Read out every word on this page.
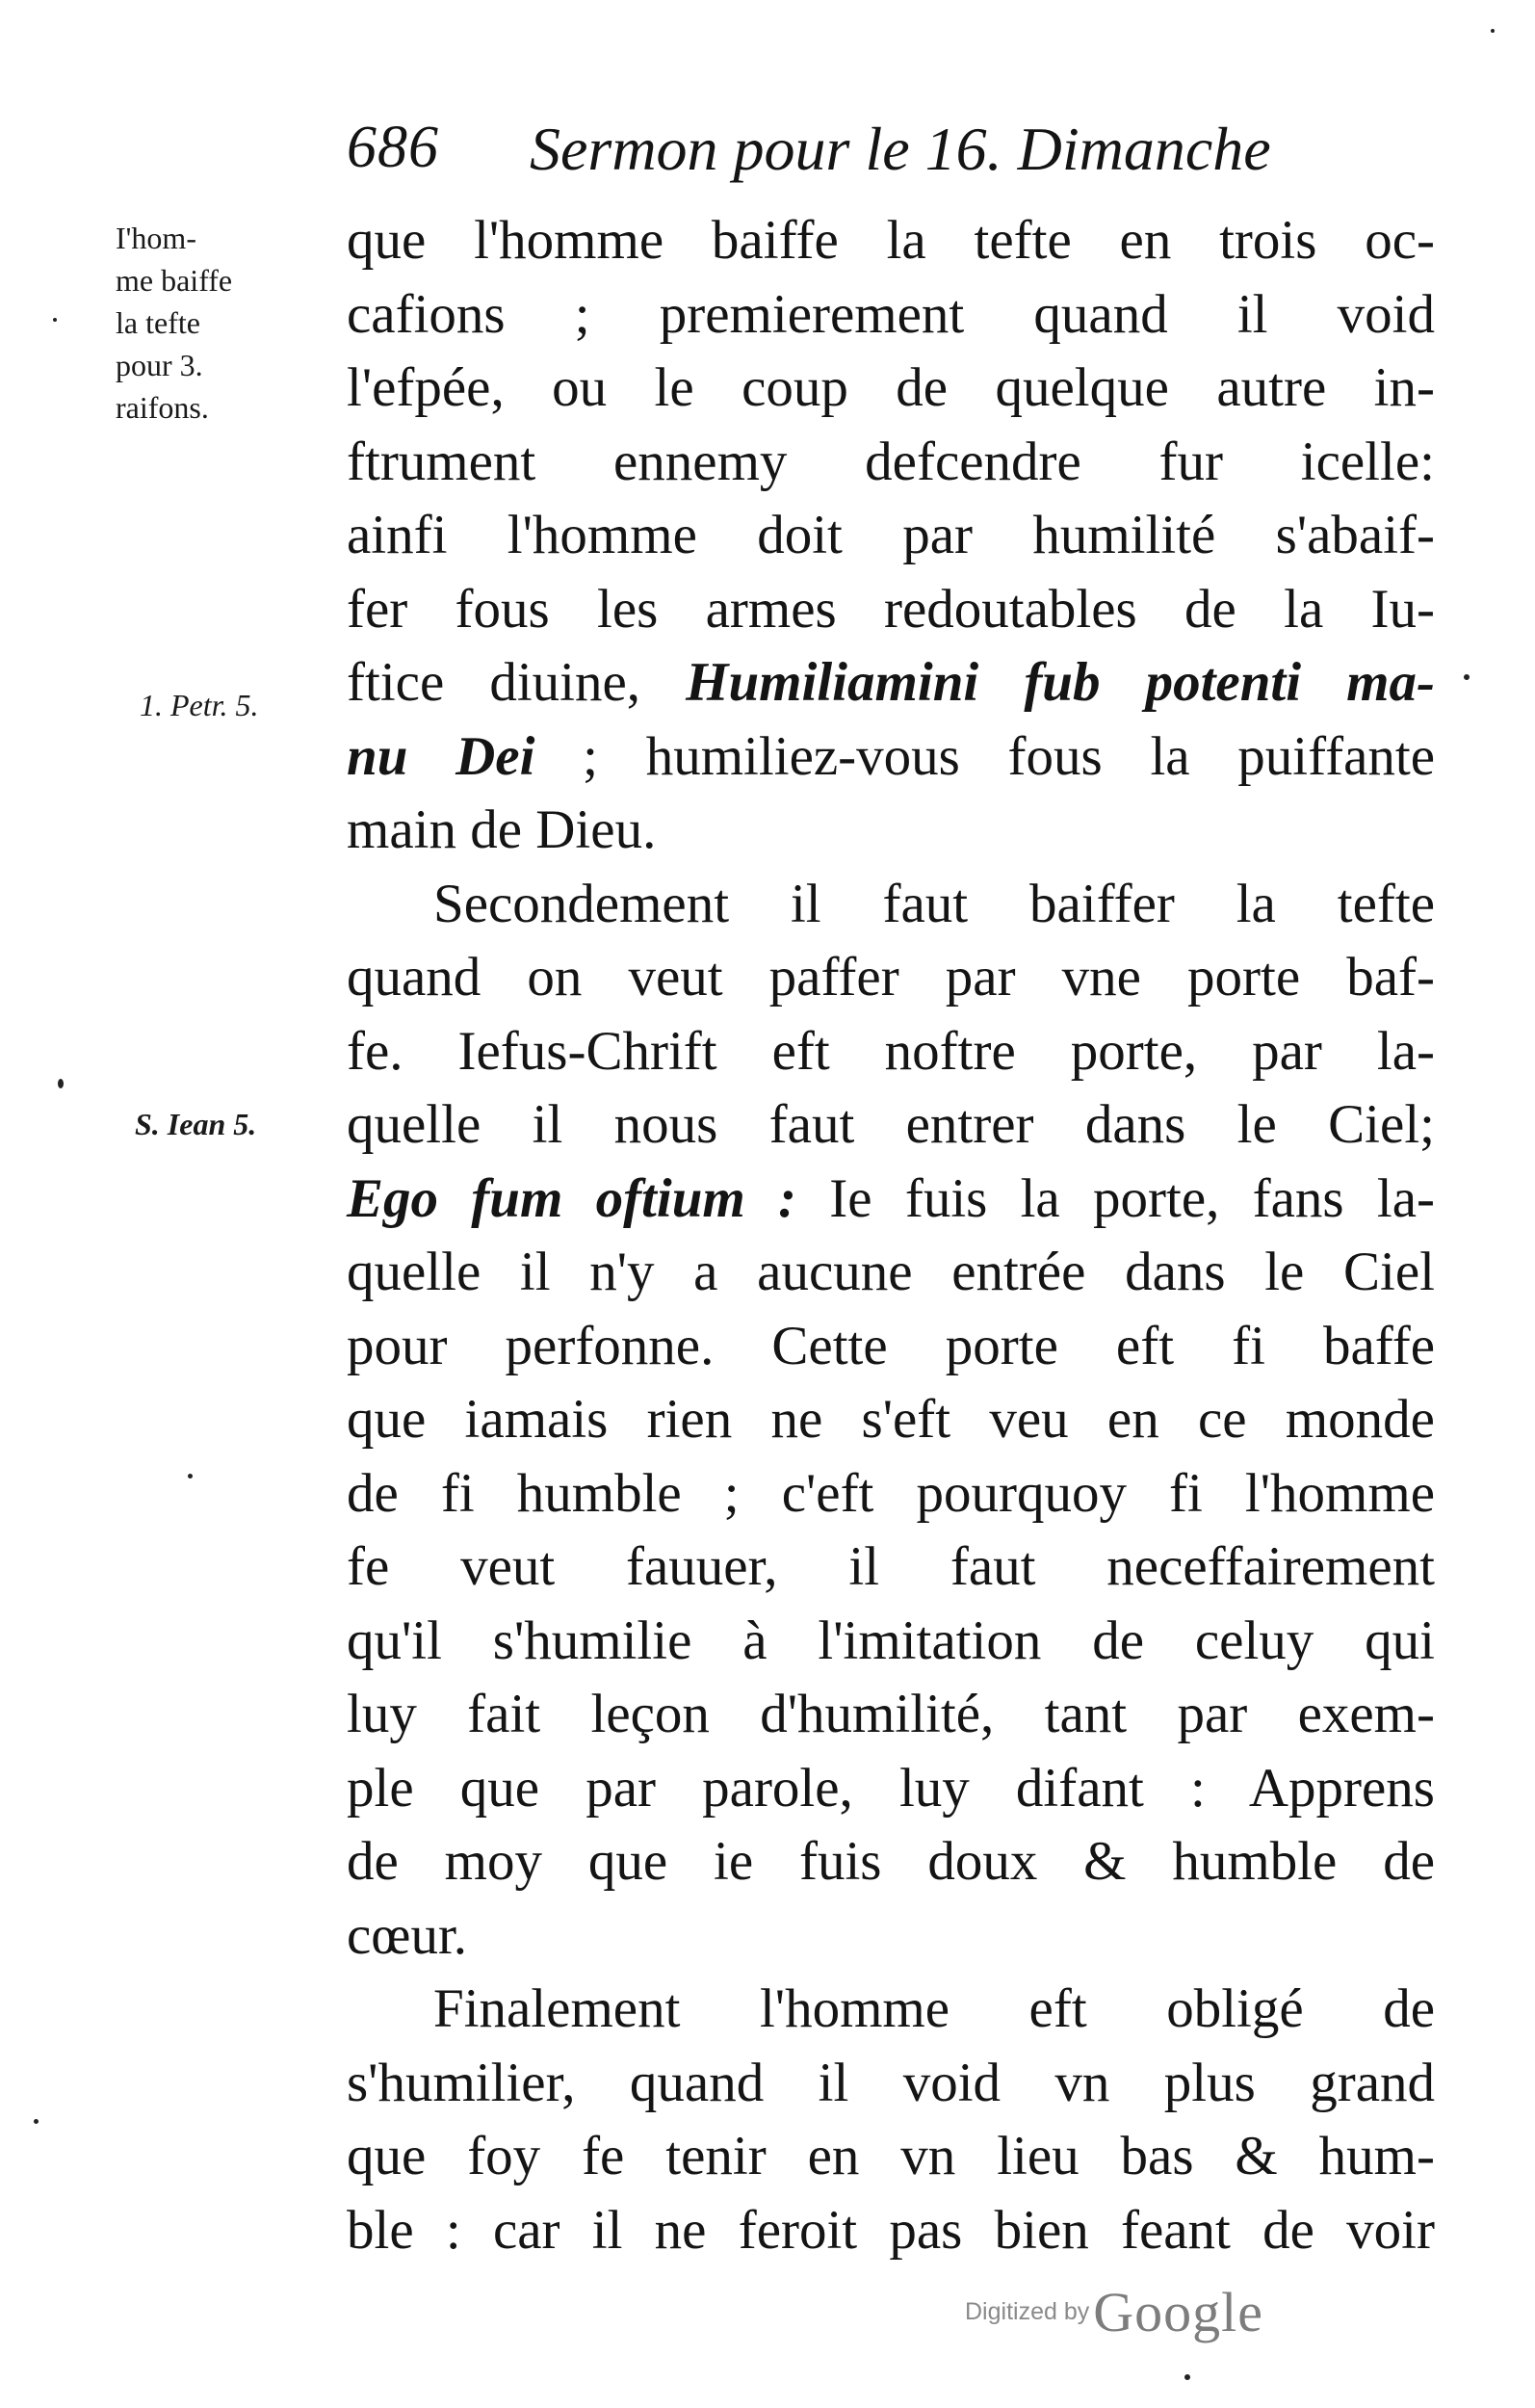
686 Sermon pour le 16. Dimanche
I'hom-
me baiffe
la tefte
pour 3.
raifons.
1. Petr. 5.
S. Iean 5.
que l'homme baiffe la tefte en trois oc-
cafions ; premierement quand il void
l'efpée, ou le coup de quelque autre in-
ftrument ennemy defcendre fur icelle:
ainfi l'homme doit par humilité s'abaif-
fer fous les armes redoutables de la Iu-
ftice diuine, Humiliamini fub potenti ma-
nu Dei ; humiliez-vous fous la puiffante
main de Dieu.
Secondement il faut baiffer la tefte
quand on veut paffer par vne porte baf-
fe. Iefus-Chrift eft noftre porte, par la-
quelle il nous faut entrer dans le Ciel;
Ego fum oftium : Ie fuis la porte, fans la-
quelle il n'y a aucune entrée dans le Ciel
pour perfonne. Cette porte eft fi baffe
que iamais rien ne s'eft veu en ce monde
de fi humble ; c'eft pourquoy fi l'homme
fe veut fauuer, il faut neceffairement
qu'il s'humilie à l'imitation de celuy qui
luy fait leçon d'humilité, tant par exem-
ple que par parole, luy difant : Apprens
de moy que ie fuis doux & humble de
cœur.
Finalement l'homme eft obligé de
s'humilier, quand il void vn plus grand
que foy fe tenir en vn lieu bas & hum-
ble : car il ne feroit pas bien feant de voir
Digitized by Google
